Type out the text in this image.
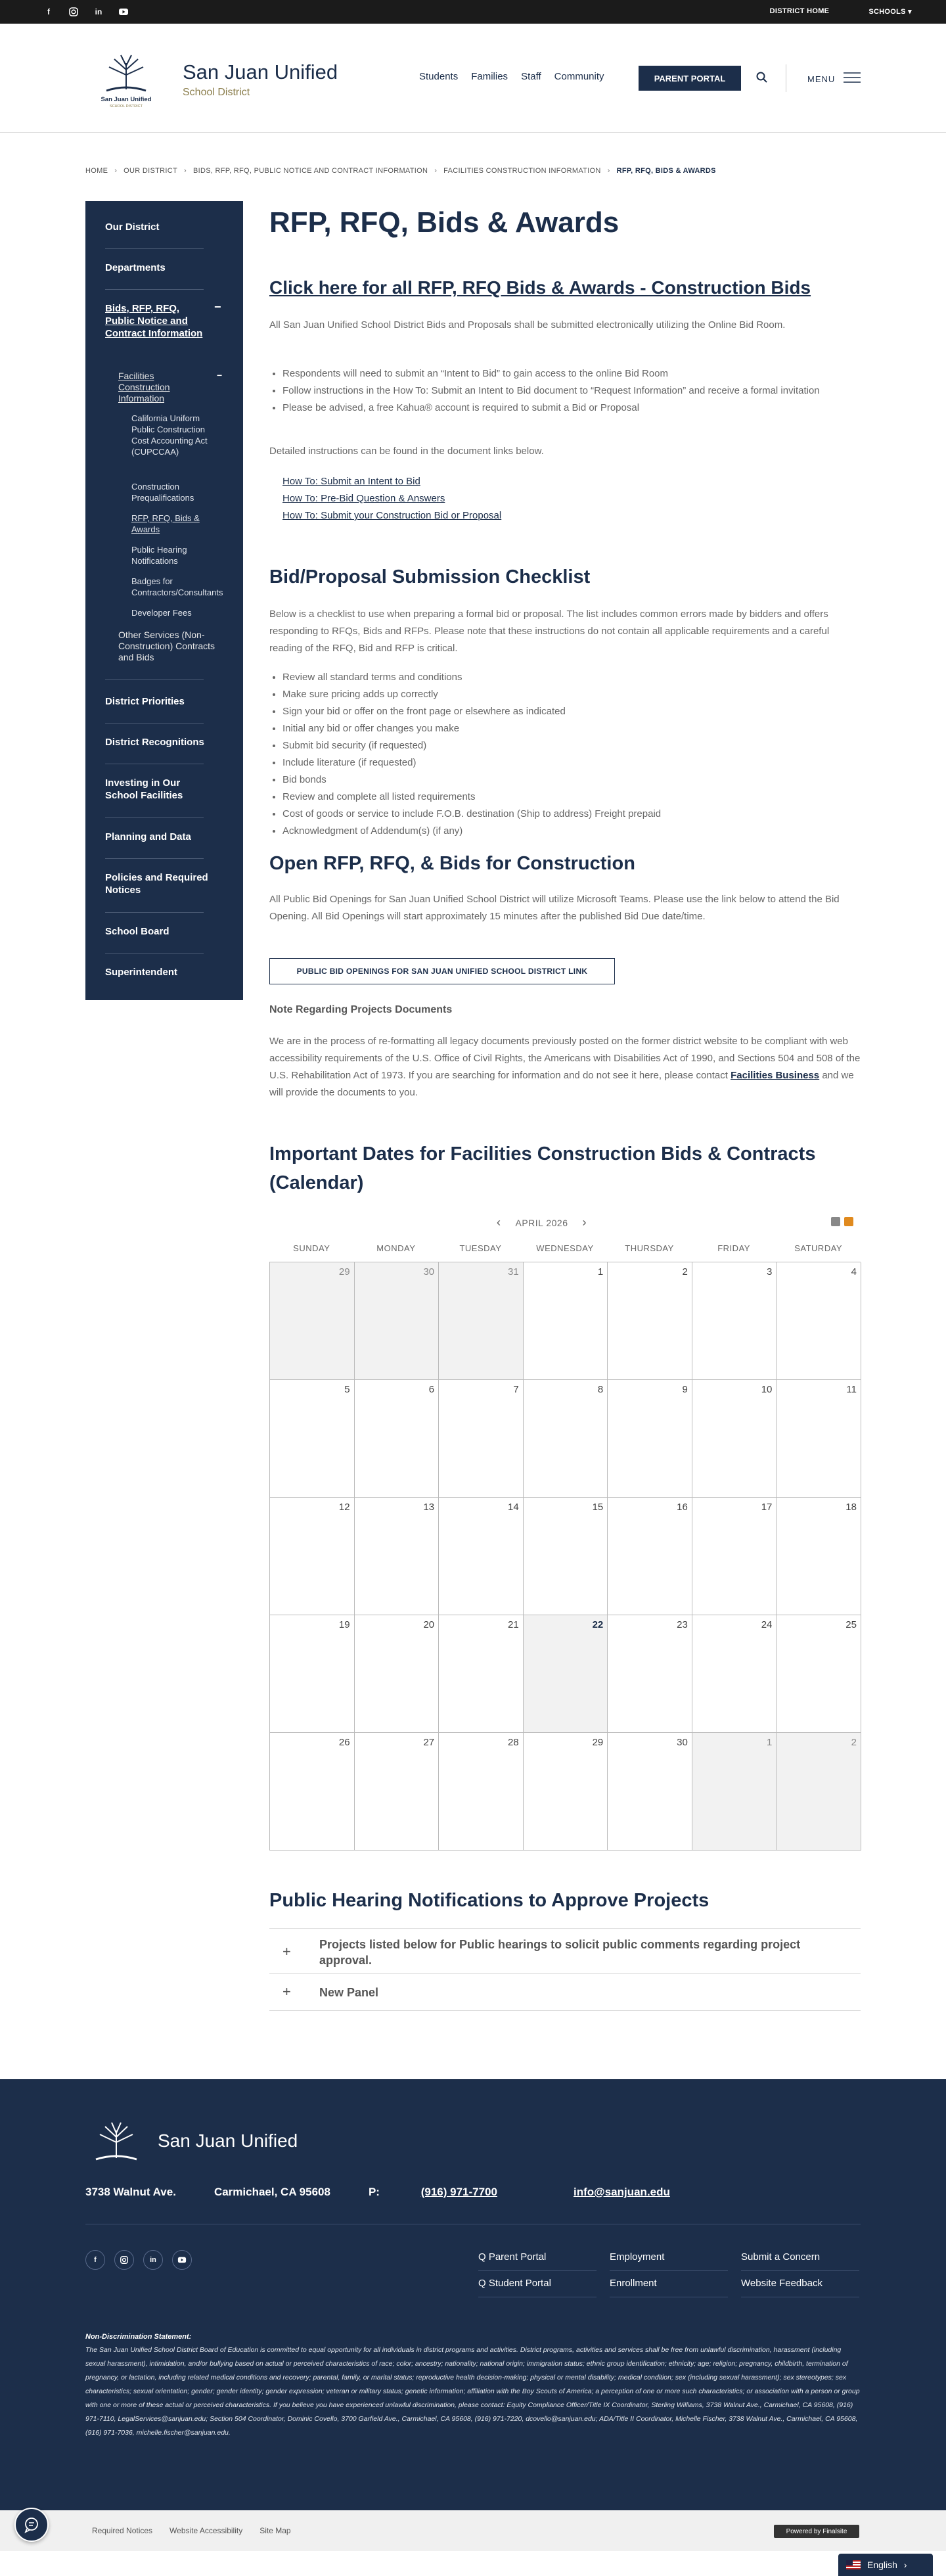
f	in	DISTRICT HOME	SCHOOLS ▾
San Juan Unified
SCHOOL DISTRICT
San Juan Unified
School District
Students Families Staff Community	PARENT PORTAL	MENU
HOME › OUR DISTRICT › BIDS, RFP, RFQ, PUBLIC NOTICE AND CONTRACT INFORMATION › FACILITIES CONSTRUCTION INFORMATION › RFP, RFQ, BIDS & AWARDS
Our District
Departments
Bids, RFP, RFQ, Public Notice and Contract Information
−
Facilities Construction Information
−
California Uniform Public Construction Cost Accounting Act (CUPCCAA)
Construction Prequalifications
RFP, RFQ, Bids & Awards
Public Hearing Notifications
Badges for Contractors/Consultants
Developer Fees
Other Services (Non-Construction) Contracts and Bids
District Priorities
District Recognitions
Investing in Our School Facilities
Planning and Data
Policies and Required Notices
School Board
Superintendent
RFP, RFQ, Bids & Awards
Click here for all RFP, RFQ Bids & Awards - Construction Bids

All San Juan Unified School District Bids and Proposals shall be submitted electronically utilizing the Online Bid Room.

• Respondents will need to submit an “Intent to Bid” to gain access to the online Bid Room
• Follow instructions in the How To: Submit an Intent to Bid document to “Request Information” and receive a formal invitation
• Please be advised, a free Kahua® account is required to submit a Bid or Proposal

Detailed instructions can be found in the document links below.

How To: Submit an Intent to Bid
How To: Pre-Bid Question & Answers
How To: Submit your Construction Bid or Proposal
Bid/Proposal Submission Checklist

Below is a checklist to use when preparing a formal bid or proposal. The list includes common errors made by bidders and offers responding to RFQs, Bids and RFPs. Please note that these instructions do not contain all applicable requirements and a careful reading of the RFQ, Bid and RFP is critical.

• Review all standard terms and conditions
• Make sure pricing adds up correctly
• Sign your bid or offer on the front page or elsewhere as indicated
• Initial any bid or offer changes you make
• Submit bid security (if requested)
• Include literature (if requested)
• Bid bonds
• Review and complete all listed requirements
• Cost of goods or service to include F.O.B. destination (Ship to address) Freight prepaid
• Acknowledgment of Addendum(s) (if any)
Open RFP, RFQ, & Bids for Construction

All Public Bid Openings for San Juan Unified School District will utilize Microsoft Teams. Please use the link below to attend the Bid Opening. All Bid Openings will start approximately 15 minutes after the published Bid Due date/time.

PUBLIC BID OPENINGS FOR SAN JUAN UNIFIED SCHOOL DISTRICT LINK
Note Regarding Projects Documents

We are in the process of re-formatting all legacy documents previously posted on the former district website to be compliant with web accessibility requirements of the U.S. Office of Civil Rights, the Americans with Disabilities Act of 1990, and Sections 504 and 508 of the U.S. Rehabilitation Act of 1973. If you are searching for information and do not see it here, please contact Facilities Business and we will provide the documents to you.

Important Dates for Facilities Construction Bids & Contracts (Calendar)
‹ APRIL 2026 ›
SUNDAY	MONDAY	TUESDAY	WEDNESDAY	THURSDAY	FRIDAY	SATURDAY
29	30	31	1	2	3	4
5	6	7	8	9	10	11
12	13	14	15	16	17	18
19	20	21	22	23	24	25
26	27	28	29	30	1	2
Public Hearing Notifications to Approve Projects
+ Projects listed below for Public hearings to solicit public comments regarding project approval.
+ New Panel
San Juan Unified
3738 Walnut Ave.	Carmichael, CA 95608	P:	(916) 971-7700	info@sanjuan.edu
f	in	Q Parent Portal	Employment	Submit a Concern
Q Student Portal	Enrollment	Website Feedback
Non-Discrimination Statement:

The San Juan Unified School District Board of Education is committed to equal opportunity for all individuals in district programs and activities. District programs, activities and services shall be free from unlawful discrimination, harassment (including sexual harassment), intimidation, and/or bullying based on actual or perceived characteristics of race; color; ancestry; nationality; national origin; immigration status; ethnic group identification; ethnicity; age; religion; pregnancy, childbirth, termination of pregnancy, or lactation, including related medical conditions and recovery; parental, family, or marital status; reproductive health decision-making; physical or mental disability; medical condition; sex (including sexual harassment); sex stereotypes; sex characteristics; sexual orientation; gender; gender identity; gender expression; veteran or military status; genetic information; affiliation with the Boy Scouts of America; a perception of one or more such characteristics; or association with a person or group with one or more of these actual or perceived characteristics. If you believe you have experienced unlawful discrimination, please contact: Equity Compliance Officer/Title IX Coordinator, Sterling Williams, 3738 Walnut Ave., Carmichael, CA 95608, (916) 971-7110, LegalServices@sanjuan.edu; Section 504 Coordinator, Dominic Covello, 3700 Garfield Ave., Carmichael, CA 95608, (916) 971-7220, dcovello@sanjuan.edu; ADA/Title II Coordinator, Michelle Fischer, 3738 Walnut Ave., Carmichael, CA 95608, (916) 971-7036, michelle.fischer@sanjuan.edu.

Required Notices Website Accessibility Site Map	Powered by Finalsite
English ›
